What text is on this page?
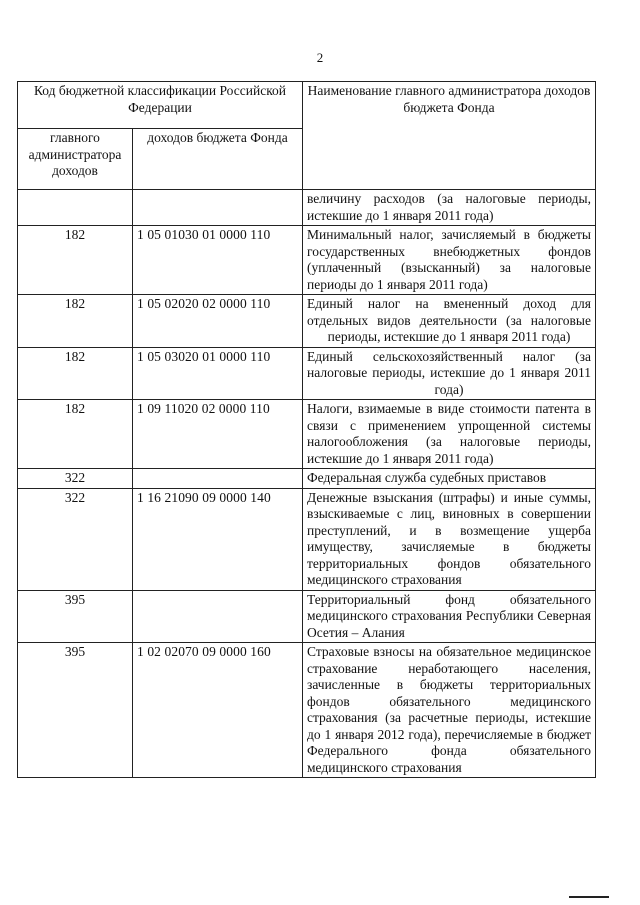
2
Код бюджетной классификации Российской Федерации		Наименование главного администратора доходов бюджета Фонда
главного администратора доходов	доходов бюджета Фонда	
		величину расходов (за налоговые периоды, истекшие до 1 января 2011 года)
182	1 05 01030 01 0000 110	Минимальный налог, зачисляемый в бюджеты государственных внебюджетных фондов (уплаченный (взысканный) за налоговые периоды до 1 января 2011 года)
182	1 05 02020 02 0000 110	Единый налог на вмененный доход для отдельных видов деятельности (за налоговые периоды, истекшие до 1 января 2011 года)
182	1 05 03020 01 0000 110	Единый сельскохозяйственный налог (за налоговые периоды, истекшие до 1 января 2011 года)
182	1 09 11020 02 0000 110	Налоги, взимаемые в виде стоимости патента в связи с применением упрощенной системы налогообложения (за налоговые периоды, истекшие до 1 января 2011 года)
322		Федеральная служба судебных приставов
322	1 16 21090 09 0000 140	Денежные взыскания (штрафы) и иные суммы, взыскиваемые с лиц, виновных в совершении преступлений, и в возмещение ущерба имуществу, зачисляемые в бюджеты территориальных фондов обязательного медицинского страхования
395		Территориальный фонд обязательного медицинского страхования Республики Северная Осетия – Алания
395	1 02 02070 09 0000 160	Страховые взносы на обязательное медицинское страхование неработающего населения, зачисленные в бюджеты территориальных фондов обязательного медицинского страхования (за расчетные периоды, истекшие до 1 января 2012 года), перечисляемые в бюджет Федерального фонда обязательного медицинского страхования
